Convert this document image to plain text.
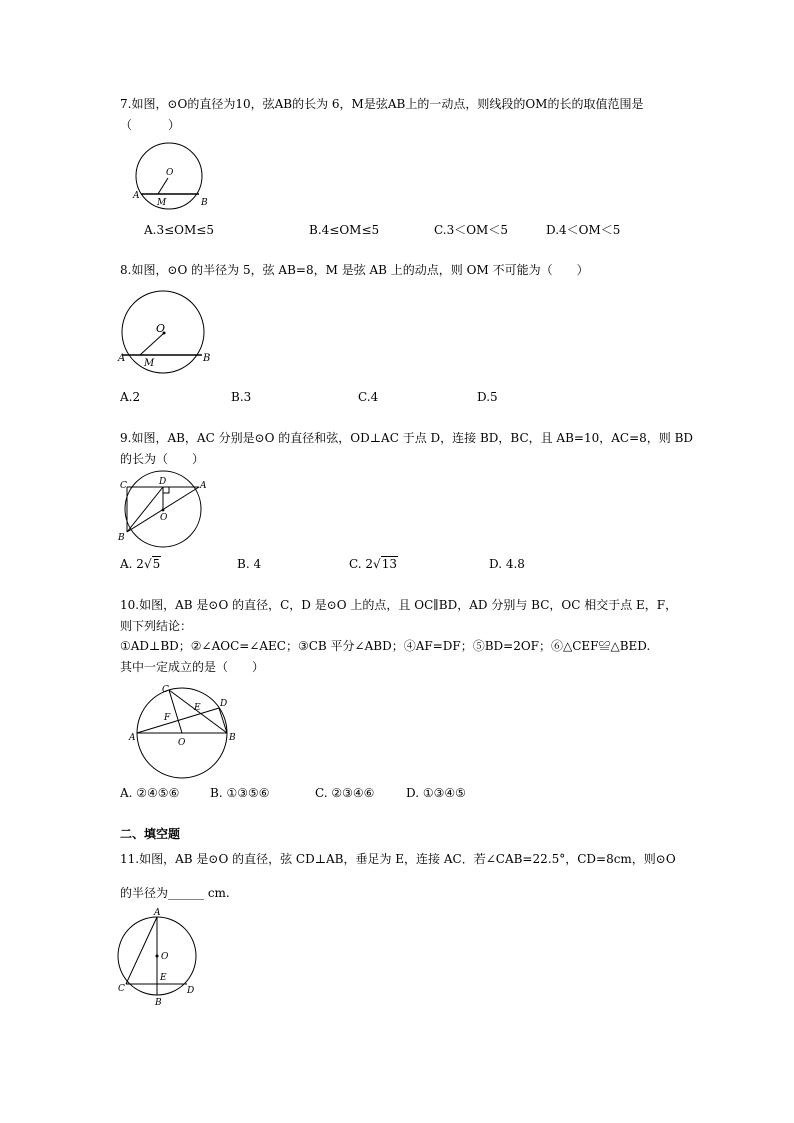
7.如图，⊙O的直径为10，弦AB的长为 6，M是弦AB上的一动点，则线段的OM的长的取值范围是
（　　　）
O
A
M	B
A.3≤OM≤5	B.4≤OM≤5	C.3＜OM＜5	D.4＜OM＜5
8.如图，⊙O 的半径为 5，弦 AB=8，M 是弦 AB 上的动点，则 OM 不可能为（　　）
O
A M	B
A.2	B.3	C.4	D.5
9.如图，AB，AC 分别是⊙O 的直径和弦，OD⊥AC 于点 D，连接 BD，BC，且 AB=10，AC=8，则 BD
的长为（　　）
C	D	A
O
B
A. 2√5	B. 4	C. 2√13	D. 4.8
10.如图，AB 是⊙O 的直径，C，D 是⊙O 上的点，且 OC∥BD，AD 分别与 BC，OC 相交于点 E，F，
则下列结论：
①AD⊥BD；②∠AOC=∠AEC；③CB 平分∠ABD；④AF=DF；⑤BD=2OF；⑥△CEF≌△BED.
其中一定成立的是（　　）
C
D
E
F
A	O	B
A. ②④⑤⑥	B. ①③⑤⑥	C. ②③④⑥	D. ①③④⑤
二、填空题
11.如图，AB 是⊙O 的直径，弦 CD⊥AB，垂足为 E，连接 AC．若∠CAB=22.5°，CD=8cm，则⊙O
的半径为______ cm.
A
O
E
C	D
B
